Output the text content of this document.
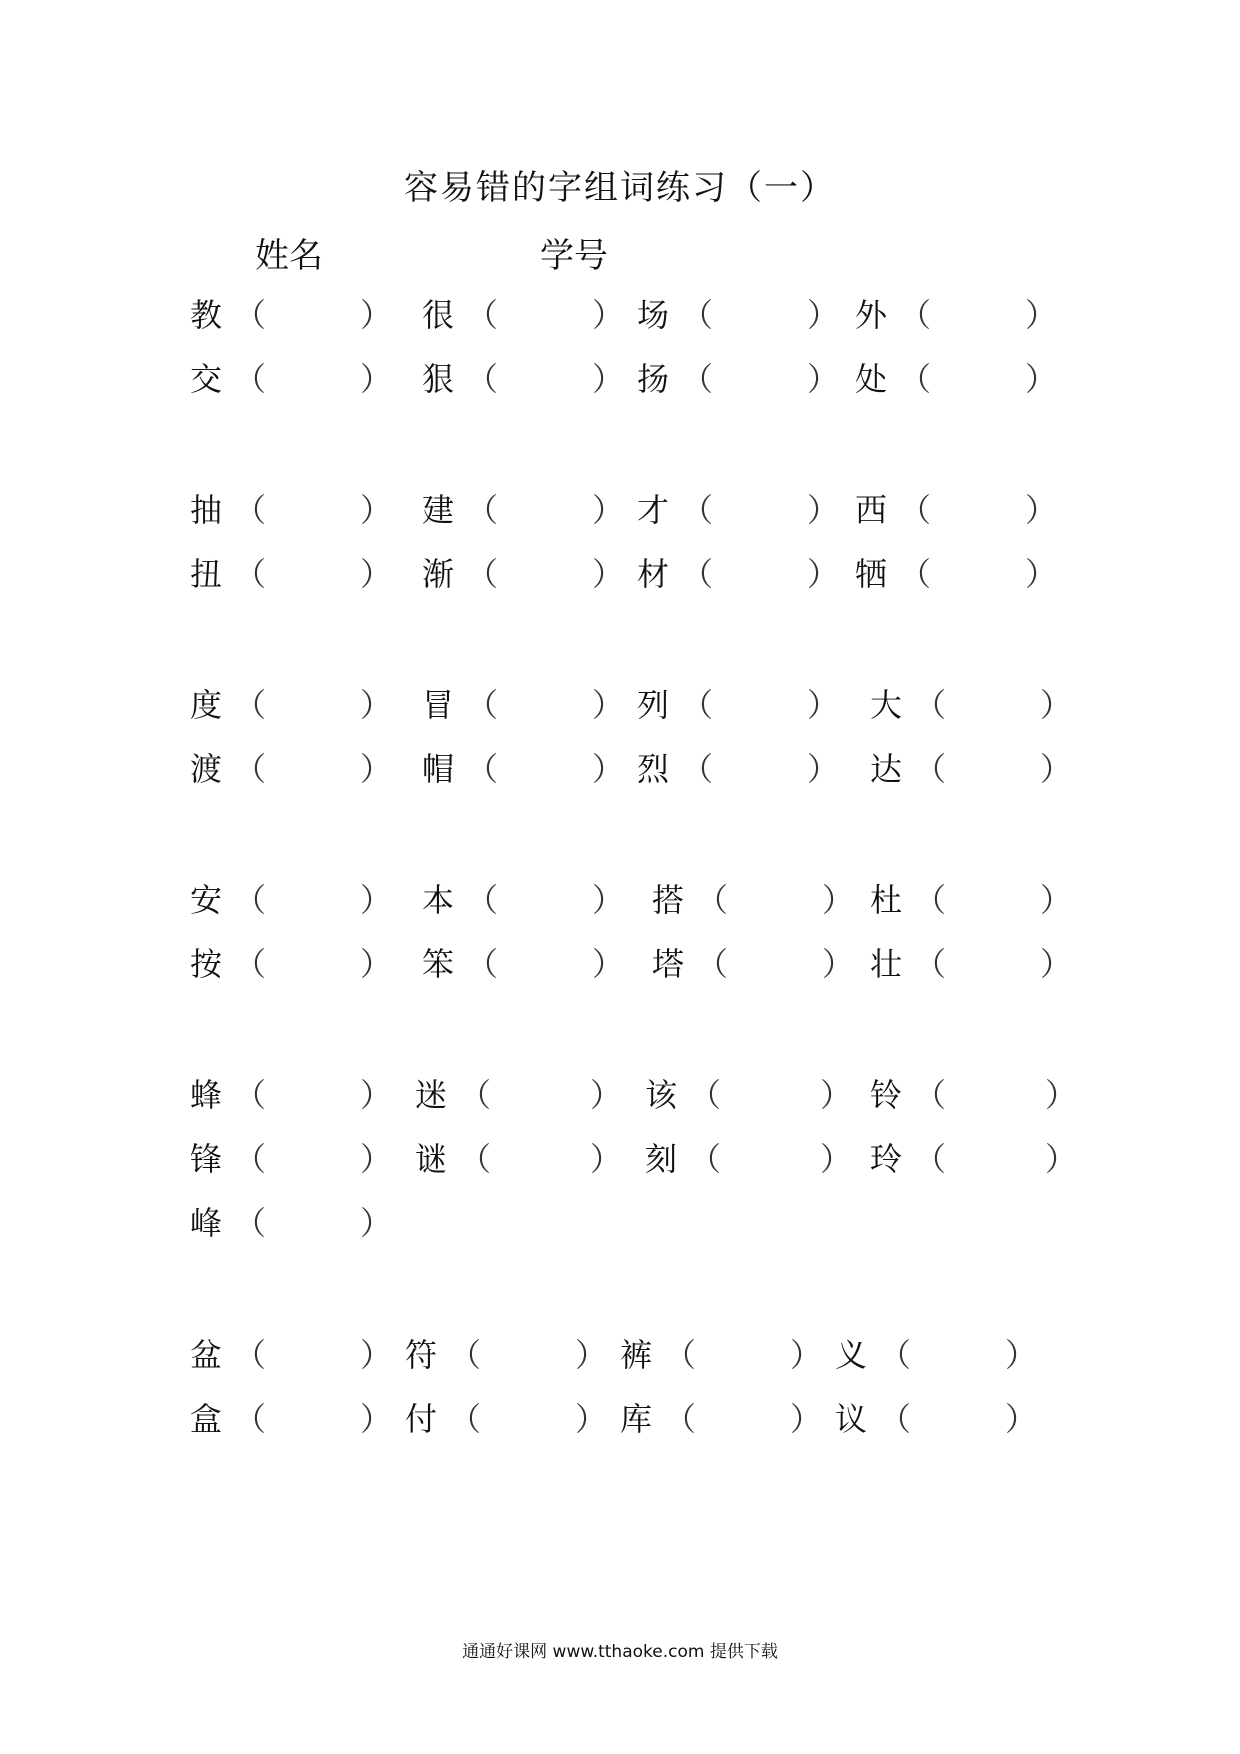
容易错的字组词练习（一）
姓名	学号
教 （	） 很 （	） 场 （	） 外 （	）
交 （	） 狠 （	） 扬 （	） 处 （	）
抽 （	） 建 （	） 才 （	） 西 （	）
扭 （	） 渐 （	） 材 （	） 牺 （	）
度 （	） 冒 （	） 列 （	） 大 （	）
渡 （	） 帽 （	） 烈 （	） 达 （	）
安 （	） 本 （	） 搭 （	） 杜 （	）
按 （	） 笨 （	） 塔 （	） 壮 （	）
蜂 （	） 迷 （	） 该 （	） 铃 （	）
锋 （	） 谜 （	） 刻 （	） 玲 （	）
峰 （	）
盆 （	） 符 （	） 裤 （	） 义 （	）
盒 （	） 付 （	） 库 （	） 议 （	）
通通好课网 www.tthaoke.com 提供下载
